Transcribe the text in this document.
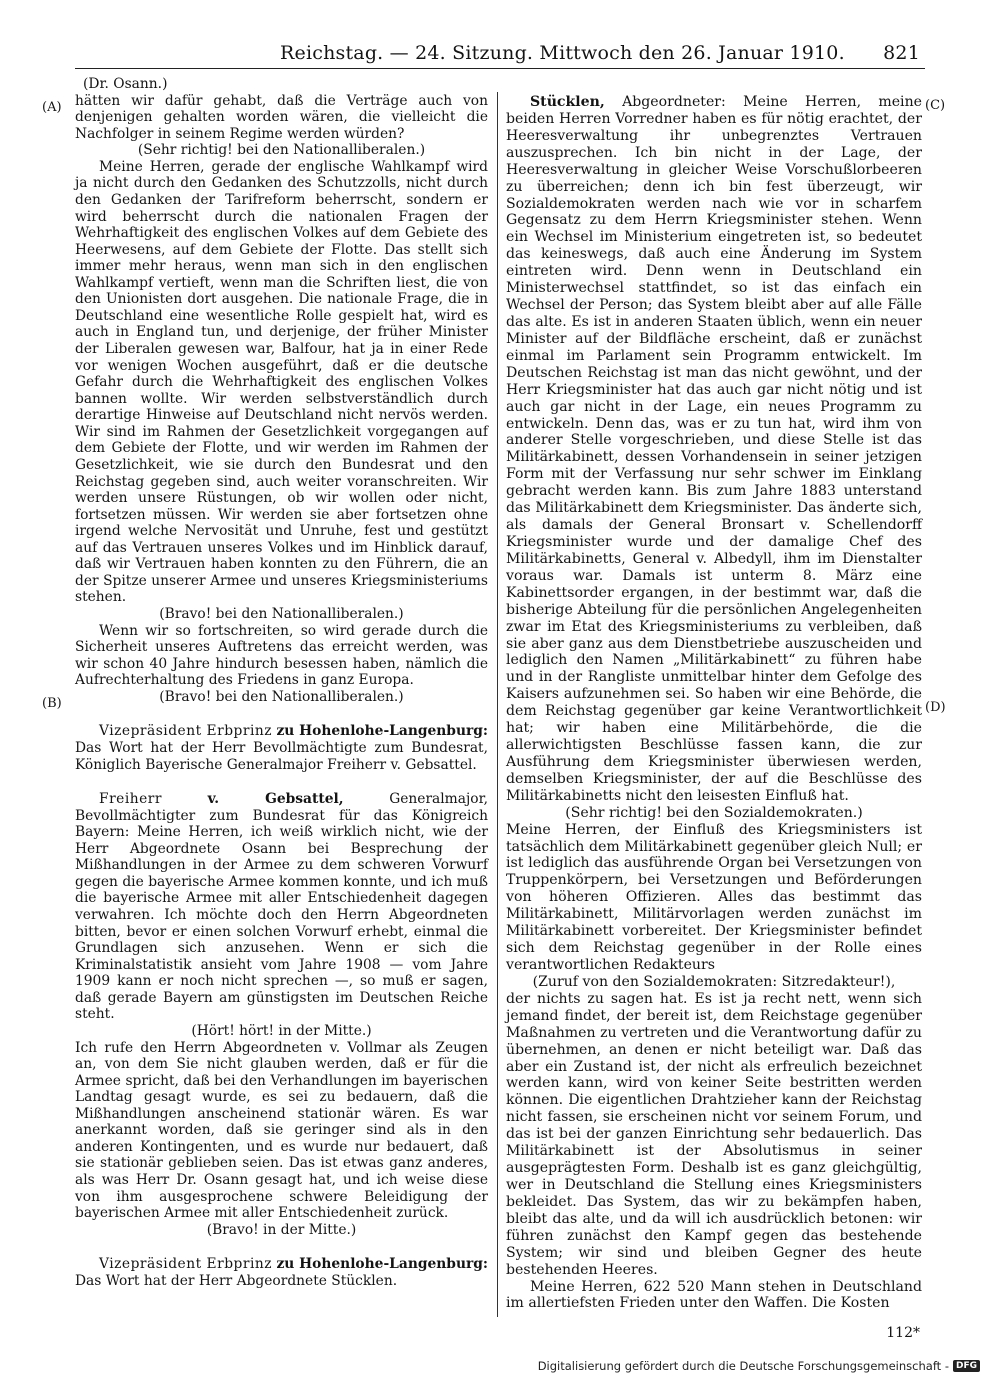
Reichstag. — 24. Sitzung. Mittwoch den 26. Januar 1910. 821
(A)
(B)
(C)
(D)

(Dr. Osann.)

hätten wir dafür gehabt, daß die Verträge auch von denjenigen gehalten worden wären, die vielleicht die Nachfolger in seinem Regime werden würden?

(Sehr richtig! bei den Nationalliberalen.)

Meine Herren, gerade der englische Wahlkampf wird ja nicht durch den Gedanken des Schutzzolls, nicht durch den Gedanken der Tarifreform beherrscht, sondern er wird beherrscht durch die nationalen Fragen der Wehrhaftigkeit des englischen Volkes auf dem Gebiete des Heerwesens, auf dem Gebiete der Flotte. Das stellt sich immer mehr heraus, wenn man sich in den englischen Wahlkampf vertieft, wenn man die Schriften liest, die von den Unionisten dort ausgehen. Die nationale Frage, die in Deutschland eine wesentliche Rolle gespielt hat, wird es auch in England tun, und derjenige, der früher Minister der Liberalen gewesen war, Balfour, hat ja in einer Rede vor wenigen Wochen ausgeführt, daß er die deutsche Gefahr durch die Wehrhaftigkeit des englischen Volkes bannen wollte. Wir werden selbstverständlich durch derartige Hinweise auf Deutschland nicht nervös werden. Wir sind im Rahmen der Gesetzlichkeit vorgegangen auf dem Gebiete der Flotte, und wir werden im Rahmen der Gesetzlichkeit, wie sie durch den Bundesrat und den Reichstag gegeben sind, auch weiter voranschreiten. Wir werden unsere Rüstungen, ob wir wollen oder nicht, fortsetzen müssen. Wir werden sie aber fortsetzen ohne irgend welche Nervosität und Unruhe, fest und gestützt auf das Vertrauen unseres Volkes und im Hinblick darauf, daß wir Vertrauen haben konnten zu den Führern, die an der Spitze unserer Armee und unseres Kriegsministeriums stehen.

(Bravo! bei den Nationalliberalen.)

Wenn wir so fortschreiten, so wird gerade durch die Sicherheit unseres Auftretens das erreicht werden, was wir schon 40 Jahre hindurch besessen haben, nämlich die Aufrechterhaltung des Friedens in ganz Europa.

(Bravo! bei den Nationalliberalen.)

Vizepräsident Erbprinz zu Hohenlohe-Langenburg: Das Wort hat der Herr Bevollmächtigte zum Bundesrat, Königlich Bayerische Generalmajor Freiherr v. Gebsattel.

Freiherr	v. Gebsattel,	Generalmajor, Bevollmächtigter zum Bundesrat für das Königreich Bayern: Meine Herren, ich weiß wirklich nicht, wie der Herr Abgeordnete Osann bei Besprechung der Mißhandlungen in der Armee zu dem schweren Vorwurf gegen die bayerische Armee kommen konnte, und ich muß die bayerische Armee mit aller Entschiedenheit dagegen verwahren. Ich möchte doch den Herrn Abgeordneten bitten, bevor er einen solchen Vorwurf erhebt, einmal die Grundlagen sich anzusehen. Wenn er sich die Kriminalstatistik ansieht vom Jahre 1908 — vom Jahre 1909 kann er noch nicht sprechen —, so muß er sagen, daß gerade Bayern am günstigsten im Deutschen Reiche steht.

(Hört! hört! in der Mitte.)

Ich rufe den Herrn Abgeordneten v. Vollmar als Zeugen an, von dem Sie nicht glauben werden, daß er für die Armee spricht, daß bei den Verhandlungen im bayerischen Landtag gesagt wurde, es sei zu bedauern, daß die Mißhandlungen anscheinend stationär wären. Es war anerkannt worden, daß sie geringer sind als in den anderen Kontingenten, und es wurde nur bedauert, daß sie stationär geblieben seien. Das ist etwas ganz anderes, als was Herr Dr. Osann gesagt hat, und ich weise diese von ihm ausgesprochene schwere Beleidigung der bayerischen Armee mit aller Entschiedenheit zurück.

(Bravo! in der Mitte.)

Vizepräsident Erbprinz zu Hohenlohe-Langenburg: Das Wort hat der Herr Abgeordnete Stücklen.

Stücklen, Abgeordneter: Meine Herren, meine beiden Herren Vorredner haben es für nötig erachtet, der Heeresverwaltung ihr unbegrenztes Vertrauen auszusprechen. Ich bin nicht in der Lage, der Heeresverwaltung in gleicher Weise Vorschußlorbeeren zu überreichen; denn ich bin fest überzeugt, wir Sozialdemokraten werden nach wie vor in scharfem Gegensatz zu dem Herrn Kriegsminister stehen. Wenn ein Wechsel im Ministerium eingetreten ist, so bedeutet das keineswegs, daß auch eine Änderung im System eintreten wird. Denn wenn in Deutschland ein Ministerwechsel stattfindet, so ist das einfach ein Wechsel der Person; das System bleibt aber auf alle Fälle das alte. Es ist in anderen Staaten üblich, wenn ein neuer Minister auf der Bildfläche erscheint, daß er zunächst einmal im Parlament sein Programm entwickelt. Im Deutschen Reichstag ist man das nicht gewöhnt, und der Herr Kriegsminister hat das auch gar nicht nötig und ist auch gar nicht in der Lage, ein neues Programm zu entwickeln. Denn das, was er zu tun hat, wird ihm von anderer Stelle vorgeschrieben, und diese Stelle ist das Militärkabinett, dessen Vorhandensein in seiner jetzigen Form mit der Verfassung nur sehr schwer im Einklang gebracht werden kann. Bis zum Jahre 1883 unterstand das Militärkabinett dem Kriegsminister. Das änderte sich, als damals der General Bronsart v. Schellendorff Kriegsminister wurde und der damalige Chef des Militärkabinetts, General v. Albedyll, ihm im Dienstalter voraus war. Damals ist unterm 8. März eine Kabinettsorder ergangen, in der bestimmt war, daß die bisherige Abteilung für die persönlichen Angelegenheiten zwar im Etat des Kriegsministeriums zu verbleiben, daß sie aber ganz aus dem Dienstbetriebe auszuscheiden und lediglich den Namen „Militärkabinett“ zu führen habe und in der Rangliste unmittelbar hinter dem Gefolge des Kaisers aufzunehmen sei. So haben wir eine Behörde, die dem Reichstag gegenüber gar keine Verantwortlichkeit hat; wir haben eine Militärbehörde, die die allerwichtigsten Beschlüsse fassen kann, die zur Ausführung dem Kriegsminister überwiesen werden, demselben Kriegsminister, der auf die Beschlüsse des Militärkabinetts nicht den leisesten Einfluß hat.

(Sehr richtig! bei den Sozialdemokraten.)

Meine Herren, der Einfluß des Kriegsministers ist tatsächlich dem Militärkabinett gegenüber gleich Null; er ist lediglich das ausführende Organ bei Versetzungen von Truppenkörpern, bei Versetzungen und Beförderungen von höheren Offizieren. Alles das bestimmt das Militärkabinett, Militärvorlagen werden zunächst im Militärkabinett vorbereitet. Der Kriegsminister befindet sich dem Reichstag gegenüber in der Rolle eines verantwortlichen Redakteurs

(Zuruf von den Sozialdemokraten: Sitzredakteur!),

der nichts zu sagen hat. Es ist ja recht nett, wenn sich jemand findet, der bereit ist, dem Reichstage gegenüber Maßnahmen zu vertreten und die Verantwortung dafür zu übernehmen, an denen er nicht beteiligt war. Daß das aber ein Zustand ist, der nicht als erfreulich bezeichnet werden kann, wird von keiner Seite bestritten werden können. Die eigentlichen Drahtzieher kann der Reichstag nicht fassen, sie erscheinen nicht vor seinem Forum, und das ist bei der ganzen Einrichtung sehr bedauerlich. Das Militärkabinett ist der Absolutismus in seiner ausgeprägtesten Form. Deshalb ist es ganz gleichgültig, wer in Deutschland die Stellung eines Kriegsministers bekleidet. Das System, das wir zu bekämpfen haben, bleibt das alte, und da will ich ausdrücklich betonen: wir führen zunächst den Kampf gegen das bestehende System; wir sind und bleiben Gegner des heute bestehenden Heeres.

Meine Herren, 622 520 Mann stehen in Deutschland im allertiefsten Frieden unter den Waffen. Die Kosten

112*
Digitalisierung gefördert durch die Deutsche Forschungsgemeinschaft - DFG
